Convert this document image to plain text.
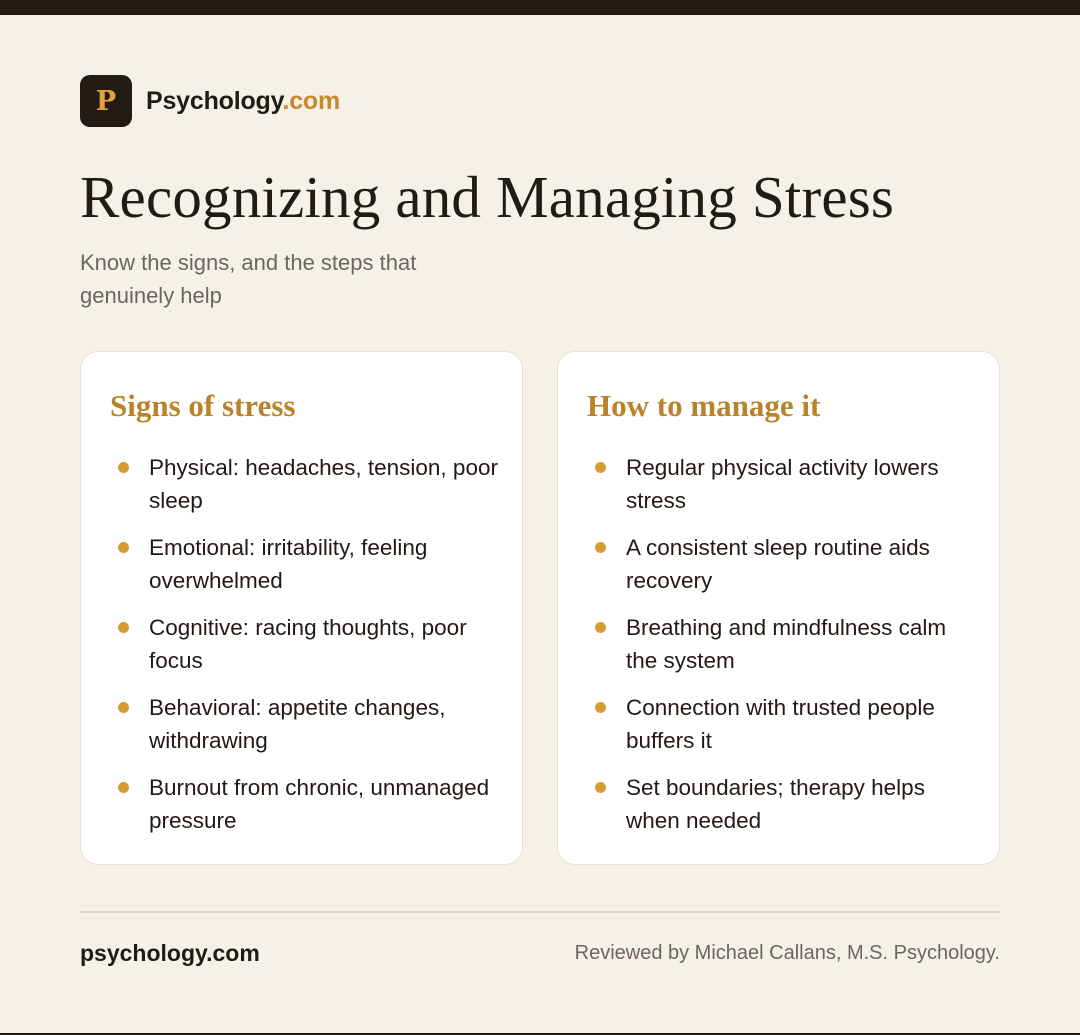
P	Psychology.com
Recognizing and Managing Stress

Know the signs, and the steps that genuinely help

Signs of stress
Physical: headaches, tension, poor sleep
Emotional: irritability, feeling overwhelmed
Cognitive: racing thoughts, poor focus
Behavioral: appetite changes, withdrawing
Burnout from chronic, unmanaged pressure
How to manage it
Regular physical activity lowers stress
A consistent sleep routine aids recovery
Breathing and mindfulness calm the system
Connection with trusted people buffers it
Set boundaries; therapy helps when needed
psychology.com	Reviewed by Michael Callans, M.S. Psychology.
